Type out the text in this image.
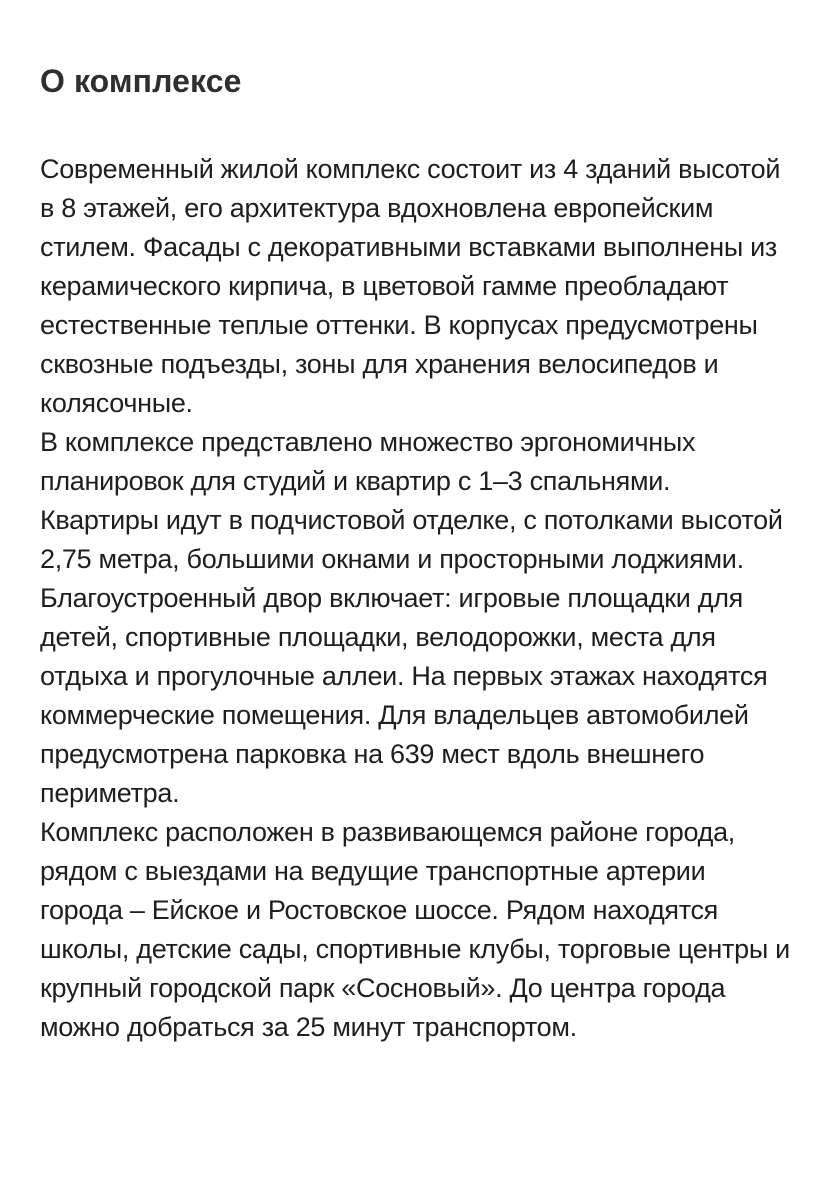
О комплексе

Современный жилой комплекс состоит из 4 зданий высотой в 8 этажей, его архитектура вдохновлена европейским стилем. Фасады с декоративными вставками выполнены из керамического кирпича, в цветовой гамме преобладают естественные теплые оттенки. В корпусах предусмотрены сквозные подъезды, зоны для хранения велосипедов и колясочные.

В комплексе представлено множество эргономичных планировок для студий и квартир с 1–3 спальнями. Квартиры идут в подчистовой отделке, с потолками высотой 2,75 метра, большими окнами и просторными лоджиями.

Благоустроенный двор включает: игровые площадки для детей, спортивные площадки, велодорожки, места для отдыха и прогулочные аллеи. На первых этажах находятся коммерческие помещения. Для владельцев автомобилей предусмотрена парковка на 639 мест вдоль внешнего периметра.

Комплекс расположен в развивающемся районе города, рядом с выездами на ведущие транспортные артерии города – Ейское и Ростовское шоссе. Рядом находятся школы, детские сады, спортивные клубы, торговые центры и крупный городской парк «Сосновый». До центра города можно добраться за 25 минут транспортом.
